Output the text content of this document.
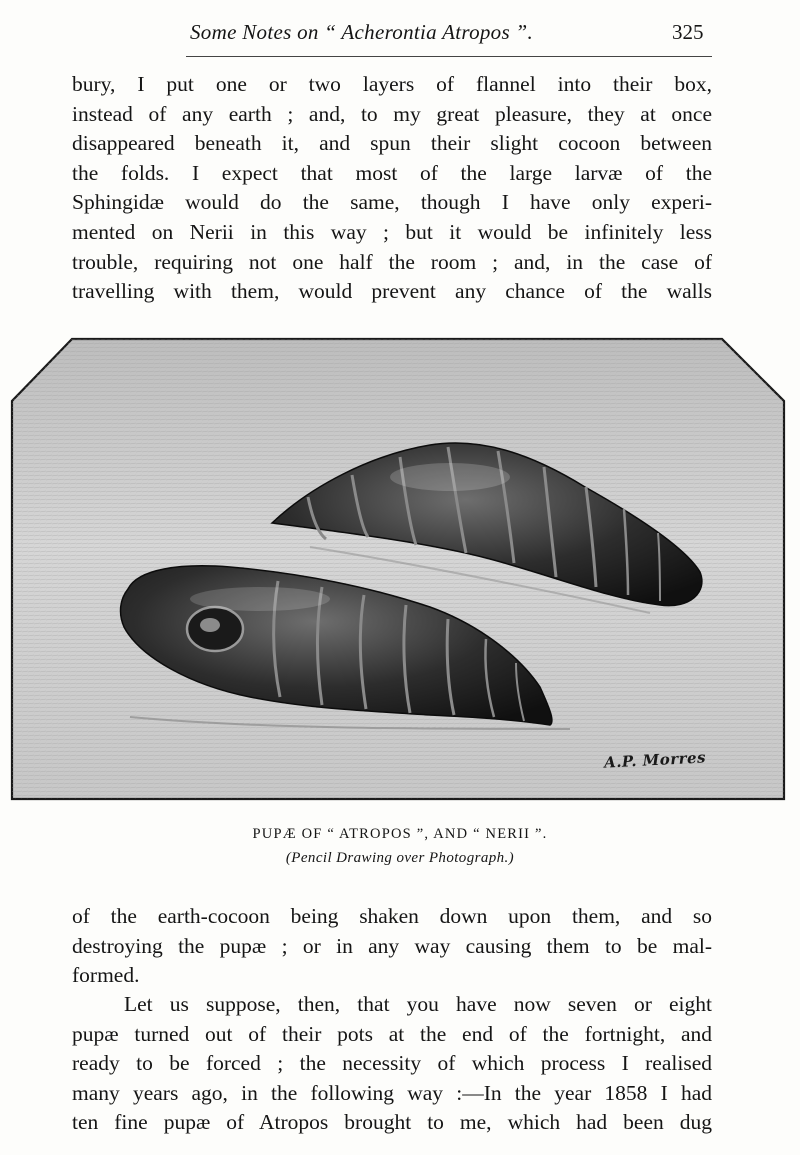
Some Notes on “ Acherontia Atropos ”.	325
bury, I put one or two layers of flannel into their box,
instead of any earth ; and, to my great pleasure, they at once
disappeared beneath it, and spun their slight cocoon between
the folds. I expect that most of the large larvæ of the
Sphingidæ would do the same, though I have only experi-
mented on Nerii in this way ; but it would be infinitely less
trouble, requiring not one half the room ; and, in the case of
travelling with them, would prevent any chance of the walls
A.P. Morres
PUPÆ OF “ ATROPOS ”, AND “ NERII ”.
(Pencil Drawing over Photograph.)
of the earth-cocoon being shaken down upon them, and so
destroying the pupæ ; or in any way causing them to be mal-
formed.
Let us suppose, then, that you have now seven or eight
pupæ turned out of their pots at the end of the fortnight, and
ready to be forced ; the necessity of which process I realised
many years ago, in the following way :—In the year 1858 I had
ten fine pupæ of Atropos brought to me, which had been dug
